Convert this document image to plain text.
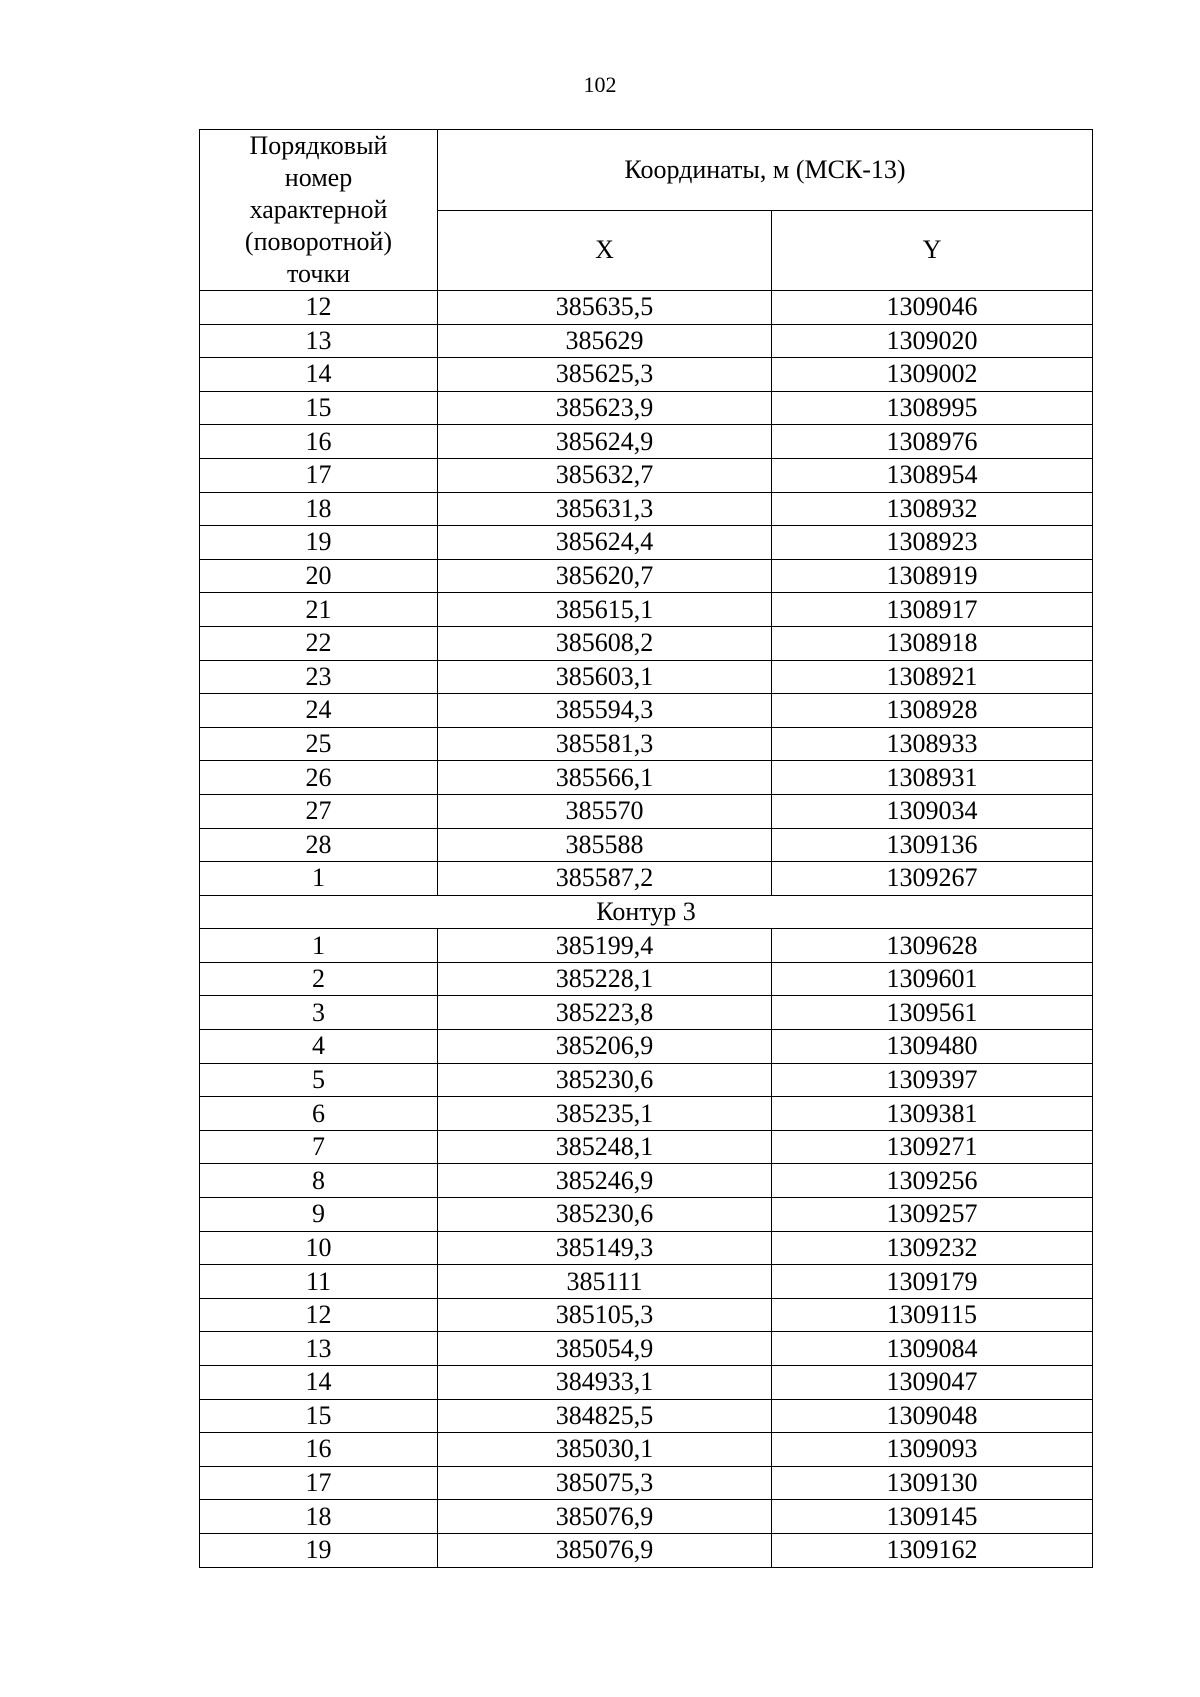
102
Порядковый
номер
характерной
(поворотной)
точки	Координаты, м (МСК-13)	
	X	Y
12	385635,5	1309046
13	385629	1309020
14	385625,3	1309002
15	385623,9	1308995
16	385624,9	1308976
17	385632,7	1308954
18	385631,3	1308932
19	385624,4	1308923
20	385620,7	1308919
21	385615,1	1308917
22	385608,2	1308918
23	385603,1	1308921
24	385594,3	1308928
25	385581,3	1308933
26	385566,1	1308931
27	385570	1309034
28	385588	1309136
1	385587,2	1309267
Контур 3		
1	385199,4	1309628
2	385228,1	1309601
3	385223,8	1309561
4	385206,9	1309480
5	385230,6	1309397
6	385235,1	1309381
7	385248,1	1309271
8	385246,9	1309256
9	385230,6	1309257
10	385149,3	1309232
11	385111	1309179
12	385105,3	1309115
13	385054,9	1309084
14	384933,1	1309047
15	384825,5	1309048
16	385030,1	1309093
17	385075,3	1309130
18	385076,9	1309145
19	385076,9	1309162
